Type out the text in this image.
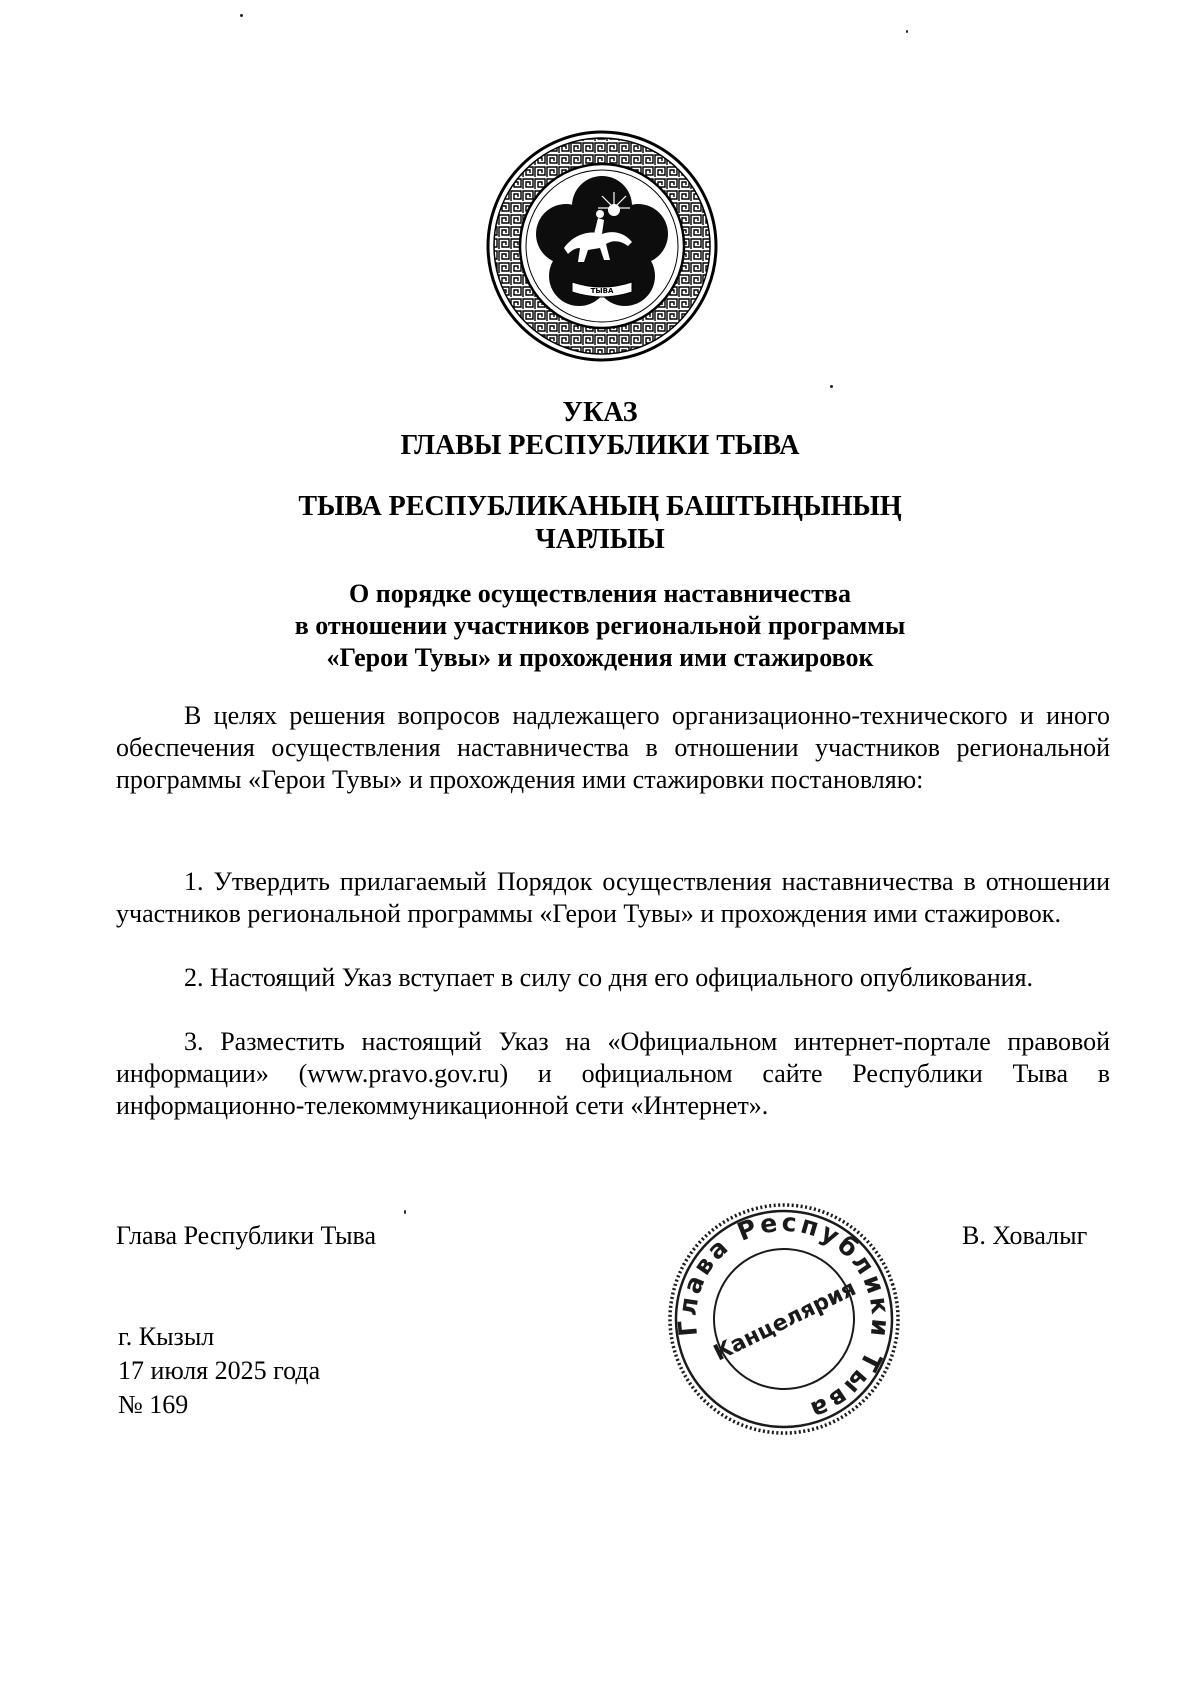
ТЫВА
УКАЗ
ГЛАВЫ РЕСПУБЛИКИ ТЫВА
ТЫВА РЕСПУБЛИКАНЫҢ БАШТЫҢЫНЫҢ
ЧАРЛЫЫ
О порядке осуществления наставничества
в отношении участников региональной программы
«Герои Тувы» и прохождения ими стажировок
В целях решения вопросов надлежащего организационно-технического и иного обеспечения осуществления наставничества в отношении участников региональной программы «Герои Тувы» и прохождения ими стажировки постановляю:
1. Утвердить прилагаемый Порядок осуществления наставничества в отношении участников региональной программы «Герои Тувы» и прохождения ими стажировок.
2. Настоящий Указ вступает в силу со дня его официального опубликования.
3. Разместить настоящий Указ на «Официальном интернет-портале правовой информации» (www.pravo.gov.ru) и официальном сайте Республики Тыва в информационно-телекоммуникационной сети «Интернет».
Глава Республики Тыва	В. Ховалыг
Глава Республики Тыва
Канцелярия
г. Кызыл
17 июля 2025 года
№ 169
